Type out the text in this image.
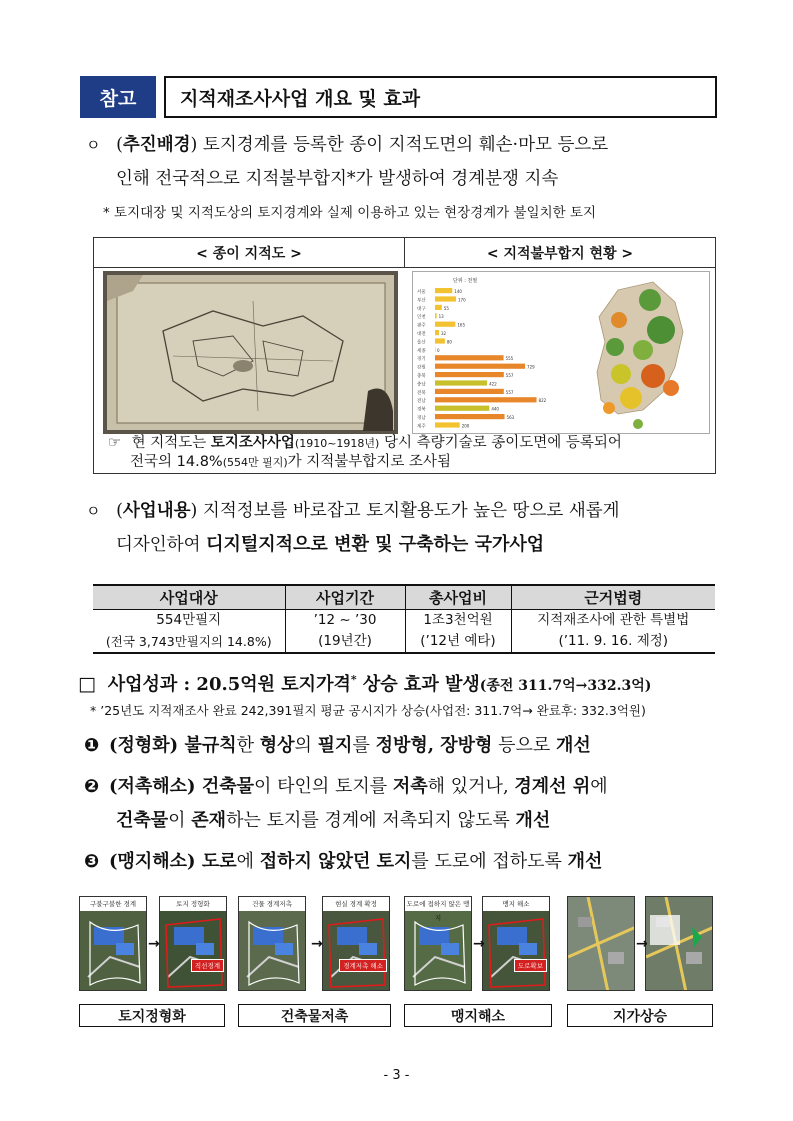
참고	지적재조사사업 개요 및 효과
ㅇ (추진배경) 토지경계를 등록한 종이 지적도면의 훼손·마모 등으로
인해 전국적으로 지적불부합지*가 발생하여 경계분쟁 지속
* 토지대장 및 지적도상의 토지경계와 실제 이용하고 있는 현장경계가 불일치한 토지
< 종이 지적도 >	< 지적불부합지 현황 >
단위 : 천필
서울	140
부산	170
대구	55
인천	13
광주	165
대전	32
울산	80
세종	0
경기	555
강원	729
충북	557
충남	422
전북	557
전남	822
경북	440
경남	563
제주	200
☞ 현 지적도는 토지조사사업(1910~1918년) 당시 측량기술로 종이도면에 등록되어
전국의 14.8%(554만 필지)가 지적불부합지로 조사됨
ㅇ (사업내용) 지적정보를 바로잡고 토지활용도가 높은 땅으로 새롭게
디자인하여 디지털지적으로 변환 및 구축하는 국가사업
사업대상	사업기간	총사업비	근거법령
554만필지	’12 ~ ’30	1조3천억원	지적재조사에 관한 특별법
(전국 3,743만필지의 14.8%)	(19년간)	(’12년 예타)	(’11. 9. 16. 제정)
□ 사업성과 : 20.5억원 토지가격* 상승 효과 발생(종전 311.7억→332.3억)
* ’25년도 지적재조사 완료 242,391필지 평균 공시지가 상승(사업전: 311.7억→ 완료후: 332.3억원)
❶ (정형화) 불규칙한 형상의 필지를 정방형, 장방형 등으로 개선
❷ (저촉해소) 건축물이 타인의 토지를 저촉해 있거나, 경계선 위에
건축물이 존재하는 토지를 경계에 저촉되지 않도록 개선
❸ (맹지해소) 도로에 접하지 않았던 토지를 도로에 접하도록 개선
구불구불한 경계	토지 정형화
직선경계
건물 경계저촉	현실 경계 확정
경계저촉 해소
도로에 접하지 않은 맹지
맹지 해소
도로확보
→	→	→	→
토지정형화	건축물저촉	맹지해소	지가상승
- 3 -
